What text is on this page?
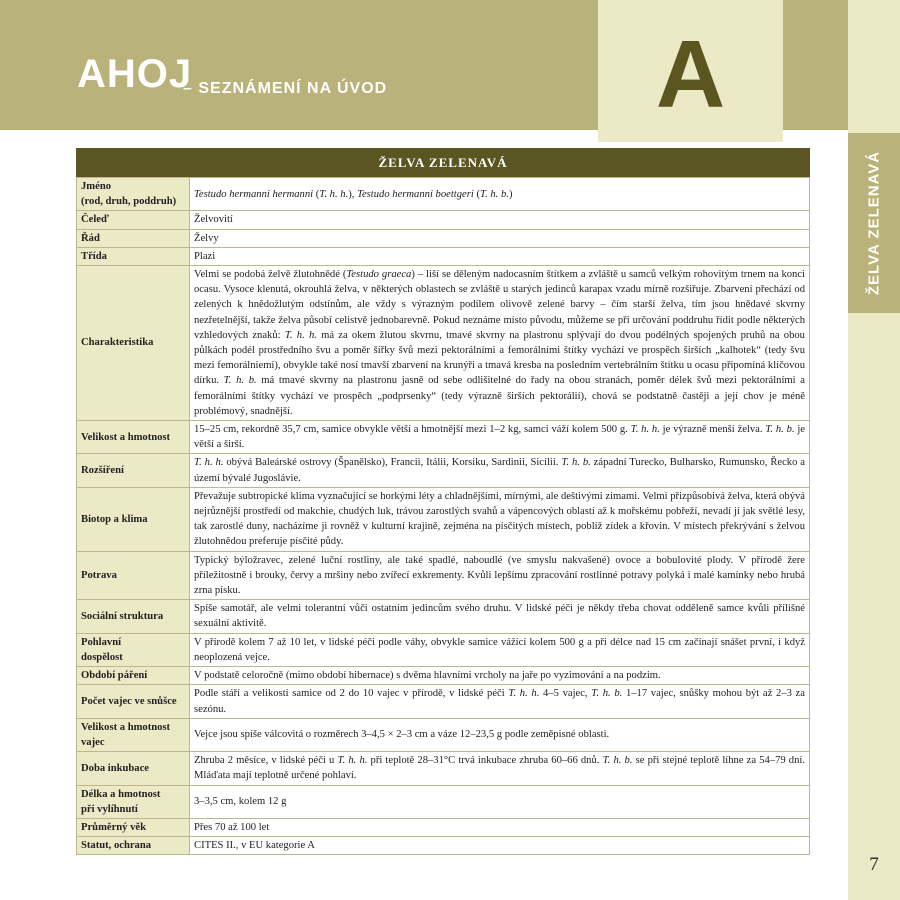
AHOJ
– SEZNÁMENÍ NA ÚVOD	A
ŽELVA ZELENAVÁ
7
ŽELVA ZELENAVÁ
Jméno
(rod, druh, poddruh)	Testudo hermanni hermanni (T. h. h.), Testudo hermanni boettgeri (T. h. b.)
Čeleď	Želvovití
Řád	Želvy
Třída	Plazi
Charakteristika	Velmi se podobá želvě žlutohnědé (Testudo graeca) – liší se děleným nadocasním štítkem a zvláště u samců velkým rohovitým trnem na konci ocasu. Vysoce klenutá, okrouhlá želva, v některých oblastech se zvláště u starých jedinců karapax vzadu mírně rozšiřuje. Zbarvení přechází od zelených k hnědožlutým odstínům, ale vždy s výrazným podílem olivově zelené barvy – čím starší želva, tím jsou hnědavé skvrny nezřetelnější, takže želva působí celistvě jednobarevně. Pokud neznáme místo původu, můžeme se při určování poddruhu řídit podle některých vzhledových znaků: T. h. h. má za okem žlutou skvrnu, tmavé skvrny na plastronu splývají do dvou podélných spojených pruhů na obou půlkách podél prostředního švu a poměr šířky švů mezi pektorálními a femorálními štítky vychází ve prospěch širších „kalhotek“ (tedy švu mezi femorálniemi), obvykle také nosí tmavší zbarvení na krunýři a tmavá kresba na posledním vertebrálním štítku u ocasu připomíná klíčovou dírku. T. h. b. má tmavé skvrny na plastronu jasně od sebe odlišitelné do řady na obou stranách, poměr délek švů mezi pektorálními a femorálními štítky vychází ve prospěch „podprsenky“ (tedy výrazně širších pektorálií), chová se podstatně častěji a její chov je méně problémový, snadnější.
Velikost a hmotnost	15–25 cm, rekordně 35,7 cm, samice obvykle větší a hmotnější mezi 1–2 kg, samci váží kolem 500 g. T. h. h. je výrazně menší želva. T. h. b. je větší a širší.
Rozšíření	T. h. h. obývá Baleárské ostrovy (Španělsko), Francii, Itálii, Korsiku, Sardinii, Sicílii. T. h. b. západní Turecko, Bulharsko, Rumunsko, Řecko a území bývalé Jugoslávie.
Biotop a klima	Převažuje subtropické klima vyznačující se horkými léty a chladnějšími, mírnými, ale deštivými zimami. Velmi přizpůsobivá želva, která obývá nejrůznější prostředí od makchie, chudých luk, trávou zarostlých svahů a vápencových oblastí až k mořskému pobřeží, nevadí jí jak světlé lesy, tak zarostlé duny, nacházíme ji rovněž v kulturní krajině, zejména na písčitých místech, poblíž zídek a křovin. V místech překrývání s želvou žlutohnědou preferuje písčité půdy.
Potrava	Typický býložravec, zelené luční rostliny, ale také spadlé, naboudlé (ve smyslu nakvašené) ovoce a bobulovité plody. V přírodě žere příležitostně i brouky, červy a mršiny nebo zvířecí exkrementy. Kvůli lepšímu zpracování rostlinné potravy polyká i malé kamínky nebo hrubá zrna písku.
Sociální struktura	Spíše samotář, ale velmi tolerantní vůči ostatním jedincům svého druhu. V lidské péči je někdy třeba chovat odděleně samce kvůli přílišné sexuální aktivitě.
Pohlavní
dospělost	V přírodě kolem 7 až 10 let, v lidské péči podle váhy, obvykle samice vážící kolem 500 g a při délce nad 15 cm začínají snášet první, i když neoplozená vejce.
Období páření	V podstatě celoročně (mimo období hibernace) s dvěma hlavními vrcholy na jaře po vyzimování a na podzim.
Počet vajec ve snůšce	Podle stáří a velikosti samice od 2 do 10 vajec v přírodě, v lidské péči T. h. h. 4–5 vajec, T. h. b. 1–17 vajec, snůšky mohou být až 2–3 za sezónu.
Velikost a hmotnost
vajec	Vejce jsou spíše válcovitá o rozměrech 3–4,5 × 2–3 cm a váze 12–23,5 g podle zeměpisné oblasti.
Doba inkubace	Zhruba 2 měsíce, v lidské péči u T. h. h. při teplotě 28–31°C trvá inkubace zhruba 60–66 dnů. T. h. b. se při stejné teplotě líhne za 54–79 dní. Mláďata mají teplotně určené pohlaví.
Délka a hmotnost
při vylíhnutí	3–3,5 cm, kolem 12 g
Průměrný věk	Přes 70 až 100 let
Statut, ochrana	CITES II., v EU kategorie A
